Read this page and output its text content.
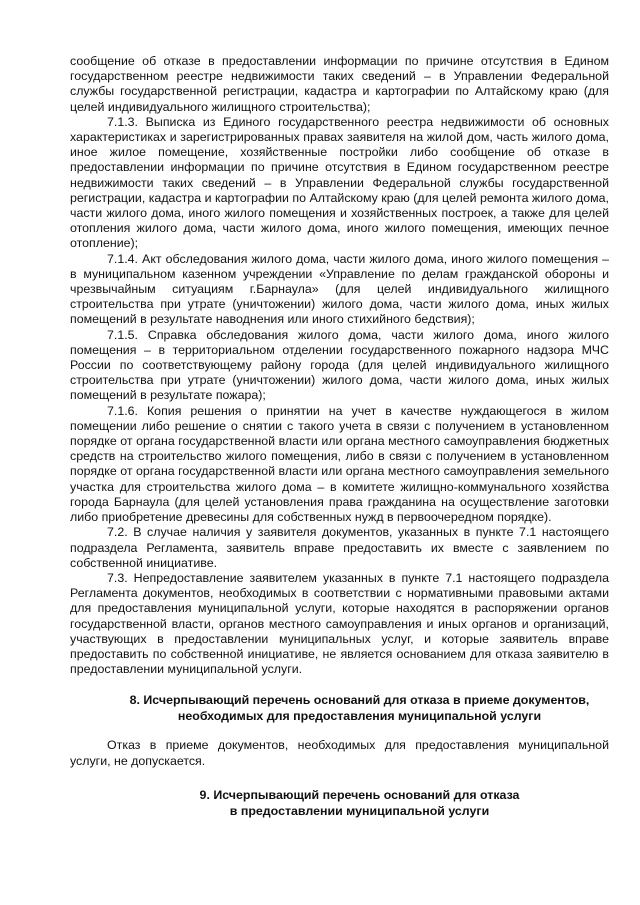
сообщение об отказе в предоставлении информации по причине отсутствия в Едином государственном реестре недвижимости таких сведений – в Управлении Федеральной службы государственной регистрации, кадастра и картографии по Алтайскому краю (для целей индивидуального жилищного строительства);

7.1.3. Выписка из Единого государственного реестра недвижимости об основных характеристиках и зарегистрированных правах заявителя на жилой дом, часть жилого дома, иное жилое помещение, хозяйственные постройки либо сообщение об отказе в предоставлении информации по причине отсутствия в Едином государственном реестре недвижимости таких сведений – в Управлении Федеральной службы государственной регистрации, кадастра и картографии по Алтайскому краю (для целей ремонта жилого дома, части жилого дома, иного жилого помещения и хозяйственных построек, а также для целей отопления жилого дома, части жилого дома, иного жилого помещения, имеющих печное отопление);

7.1.4. Акт обследования жилого дома, части жилого дома, иного жилого помещения – в муниципальном казенном учреждении «Управление по делам гражданской обороны и чрезвычайным ситуациям г.Барнаула» (для целей индивидуального жилищного строительства при утрате (уничтожении) жилого дома, части жилого дома, иных жилых помещений в результате наводнения или иного стихийного бедствия);

7.1.5. Справка обследования жилого дома, части жилого дома, иного жилого помещения – в территориальном отделении государственного пожарного надзора МЧС России по соответствующему району города (для целей индивидуального жилищного строительства при утрате (уничтожении) жилого дома, части жилого дома, иных жилых помещений в результате пожара);

7.1.6. Копия решения о принятии на учет в качестве нуждающегося в жилом помещении либо решение о снятии с такого учета в связи с получением в установленном порядке от органа государственной власти или органа местного самоуправления бюджетных средств на строительство жилого помещения, либо в связи с получением в установленном порядке от органа государственной власти или органа местного самоуправления земельного участка для строительства жилого дома – в комитете жилищно-коммунального хозяйства города Барнаула (для целей установления права гражданина на осуществление заготовки либо приобретение древесины для собственных нужд в первоочередном порядке).

7.2. В случае наличия у заявителя документов, указанных в пункте 7.1 настоящего подраздела Регламента, заявитель вправе предоставить их вместе с заявлением по собственной инициативе.

7.3. Непредоставление заявителем указанных в пункте 7.1 настоящего подраздела Регламента документов, необходимых в соответствии с нормативными правовыми актами для предоставления муниципальной услуги, которые находятся в распоряжении органов государственной власти, органов местного самоуправления и иных органов и организаций, участвующих в предоставлении муниципальных услуг, и которые заявитель вправе предоставить по собственной инициативе, не является основанием для отказа заявителю в предоставлении муниципальной услуги.

8. Исчерпывающий перечень оснований для отказа в приеме документов,
необходимых для предоставления муниципальной услуги

Отказ в приеме документов, необходимых для предоставления муниципальной услуги, не допускается.

9. Исчерпывающий перечень оснований для отказа
в предоставлении муниципальной услуги
